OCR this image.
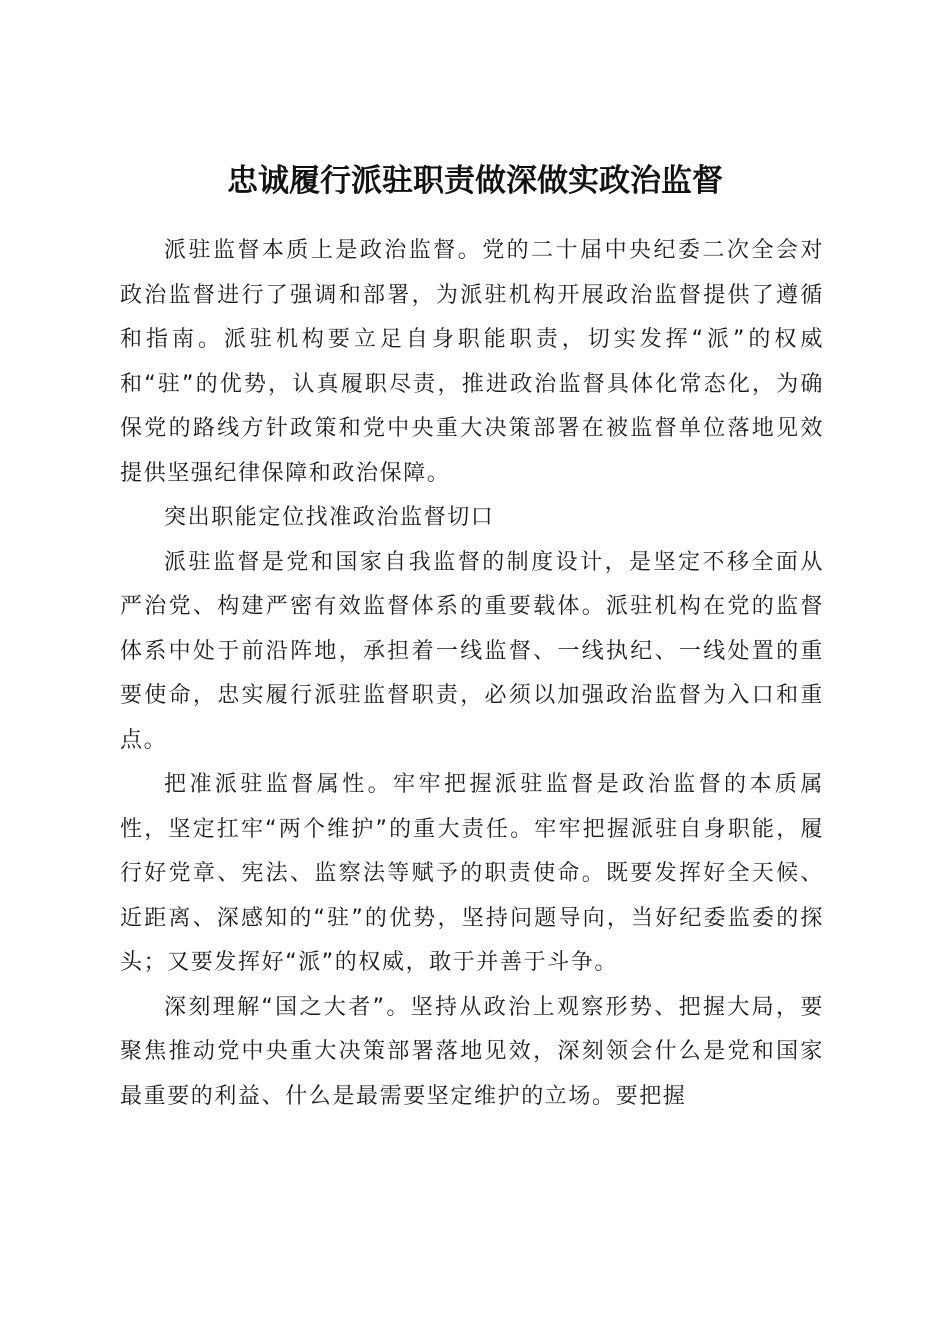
忠诚履行派驻职责做深做实政治监督

派驻监督本质上是政治监督。党的二十届中央纪委二次全会对政治监督进行了强调和部署，为派驻机构开展政治监督提供了遵循和指南。派驻机构要立足自身职能职责，切实发挥“派”的权威和“驻”的优势，认真履职尽责，推进政治监督具体化常态化，为确保党的路线方针政策和党中央重大决策部署在被监督单位落地见效提供坚强纪律保障和政治保障。

突出职能定位找准政治监督切口

派驻监督是党和国家自我监督的制度设计，是坚定不移全面从严治党、构建严密有效监督体系的重要载体。派驻机构在党的监督体系中处于前沿阵地，承担着一线监督、一线执纪、一线处置的重要使命，忠实履行派驻监督职责，必须以加强政治监督为入口和重点。

把准派驻监督属性。牢牢把握派驻监督是政治监督的本质属性，坚定扛牢“两个维护”的重大责任。牢牢把握派驻自身职能，履行好党章、宪法、监察法等赋予的职责使命。既要发挥好全天候、近距离、深感知的“驻”的优势，坚持问题导向，当好纪委监委的探头；又要发挥好“派”的权威，敢于并善于斗争。

深刻理解“国之大者”。坚持从政治上观察形势、把握大局，要聚焦推动党中央重大决策部署落地见效，深刻领会什么是党和国家最重要的利益、什么是最需要坚定维护的立场。要把握
